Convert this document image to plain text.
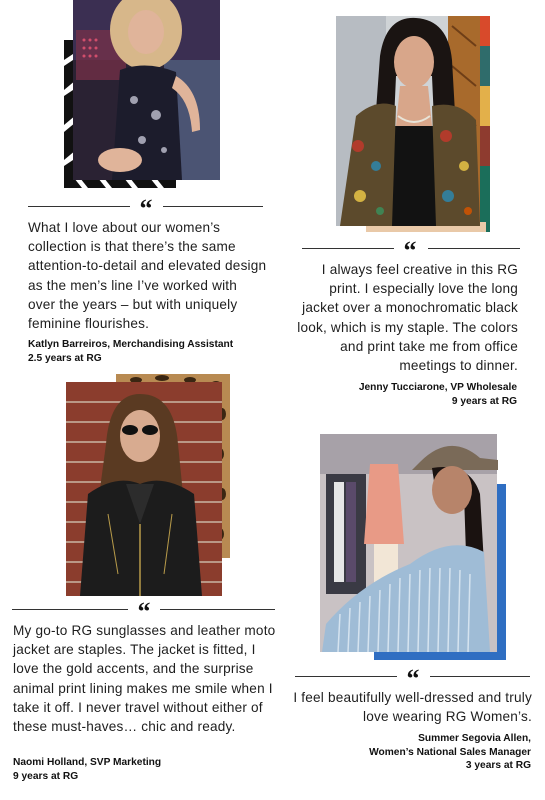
“
What I love about our women’s collection is that there’s the same attention-to-detail and elevated design as the men’s line I’ve worked with over the years – but with uniquely feminine flourishes.
Katlyn Barreiros, Merchandising Assistant
2.5 years at RG
“
I always feel creative in this RG print. I especially love the long jacket over a monochromatic black look, which is my staple. The colors and print take me from office meetings to dinner.
Jenny Tucciarone, VP Wholesale
9 years at RG
“
My go-to RG sunglasses and leather moto jacket are staples. The jacket is fitted, I love the gold accents, and the surprise animal print lining makes me smile when I take it off. I never travel without either of these must-haves… chic and ready.
Naomi Holland, SVP Marketing
9 years at RG
“
I feel beautifully well-dressed and truly love wearing RG Women’s.
Summer Segovia Allen,
Women’s National Sales Manager
3 years at RG
